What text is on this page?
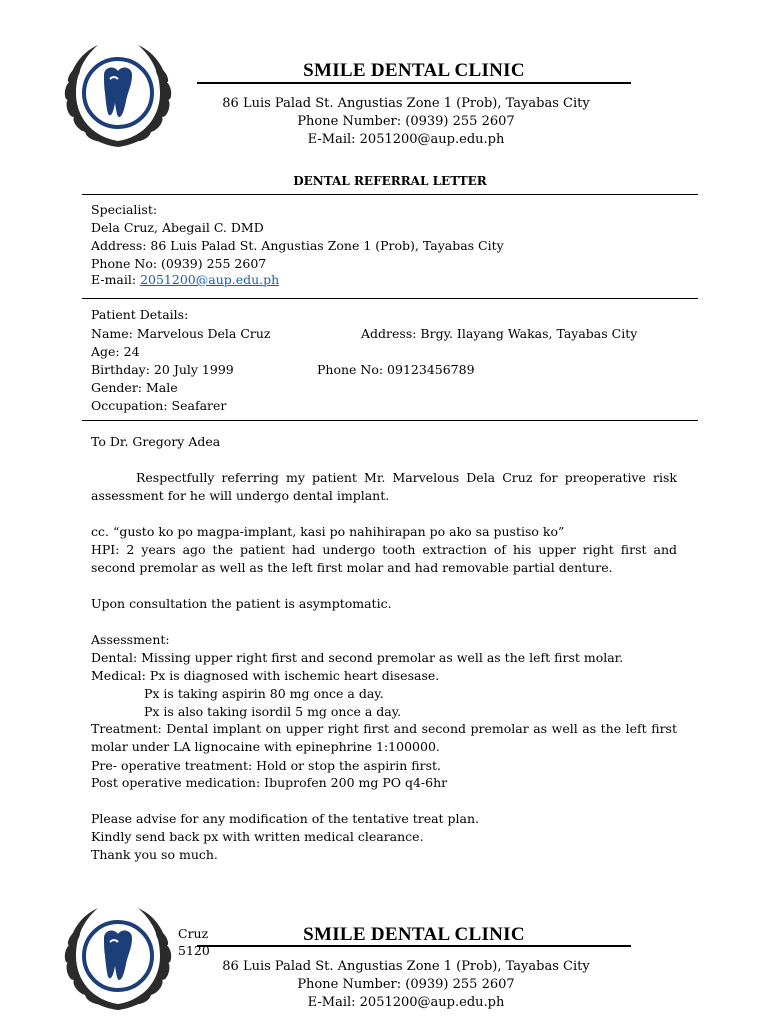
SMILE DENTAL CLINIC
86 Luis Palad St. Angustias Zone 1 (Prob), Tayabas City
Phone Number: (0939) 255 2607
E-Mail: 2051200@aup.edu.ph
DENTAL REFERRAL LETTER
Specialist:
Dela Cruz, Abegail C. DMD
Address: 86 Luis Palad St. Angustias Zone 1 (Prob), Tayabas City
Phone No: (0939) 255 2607
E-mail: 2051200@aup.edu.ph
Patient Details:
Name: Marvelous Dela Cruz	Address: Brgy. Ilayang Wakas, Tayabas City
Age: 24
Birthday: 20 July 1999	Phone No: 09123456789
Gender: Male
Occupation: Seafarer
To Dr. Gregory Adea
Respectfully referring my patient Mr. Marvelous Dela Cruz for preoperative risk assessment for he will undergo dental implant.
cc. “gusto ko po magpa-implant, kasi po nahihirapan po ako sa pustiso ko”
HPI: 2 years ago the patient had undergo tooth extraction of his upper right first and second premolar as well as the left first molar and had removable partial denture.
Upon consultation the patient is asymptomatic.
Assessment:
Dental: Missing upper right first and second premolar as well as the left first molar.
Medical: Px is diagnosed with ischemic heart disesase.
Px is taking aspirin 80 mg once a day.
Px is also taking isordil 5 mg once a day.
Treatment: Dental implant on upper right first and second premolar as well as the left first molar under LA lignocaine with epinephrine 1:100000.
Pre- operative treatment: Hold or stop the aspirin first.
Post operative medication: Ibuprofen 200 mg PO q4-6hr
Please advise for any modification of the tentative treat plan.
Kindly send back px with written medical clearance.
Thank you so much.
Cruz
5120
SMILE DENTAL CLINIC
86 Luis Palad St. Angustias Zone 1 (Prob), Tayabas City
Phone Number: (0939) 255 2607
E-Mail: 2051200@aup.edu.ph
